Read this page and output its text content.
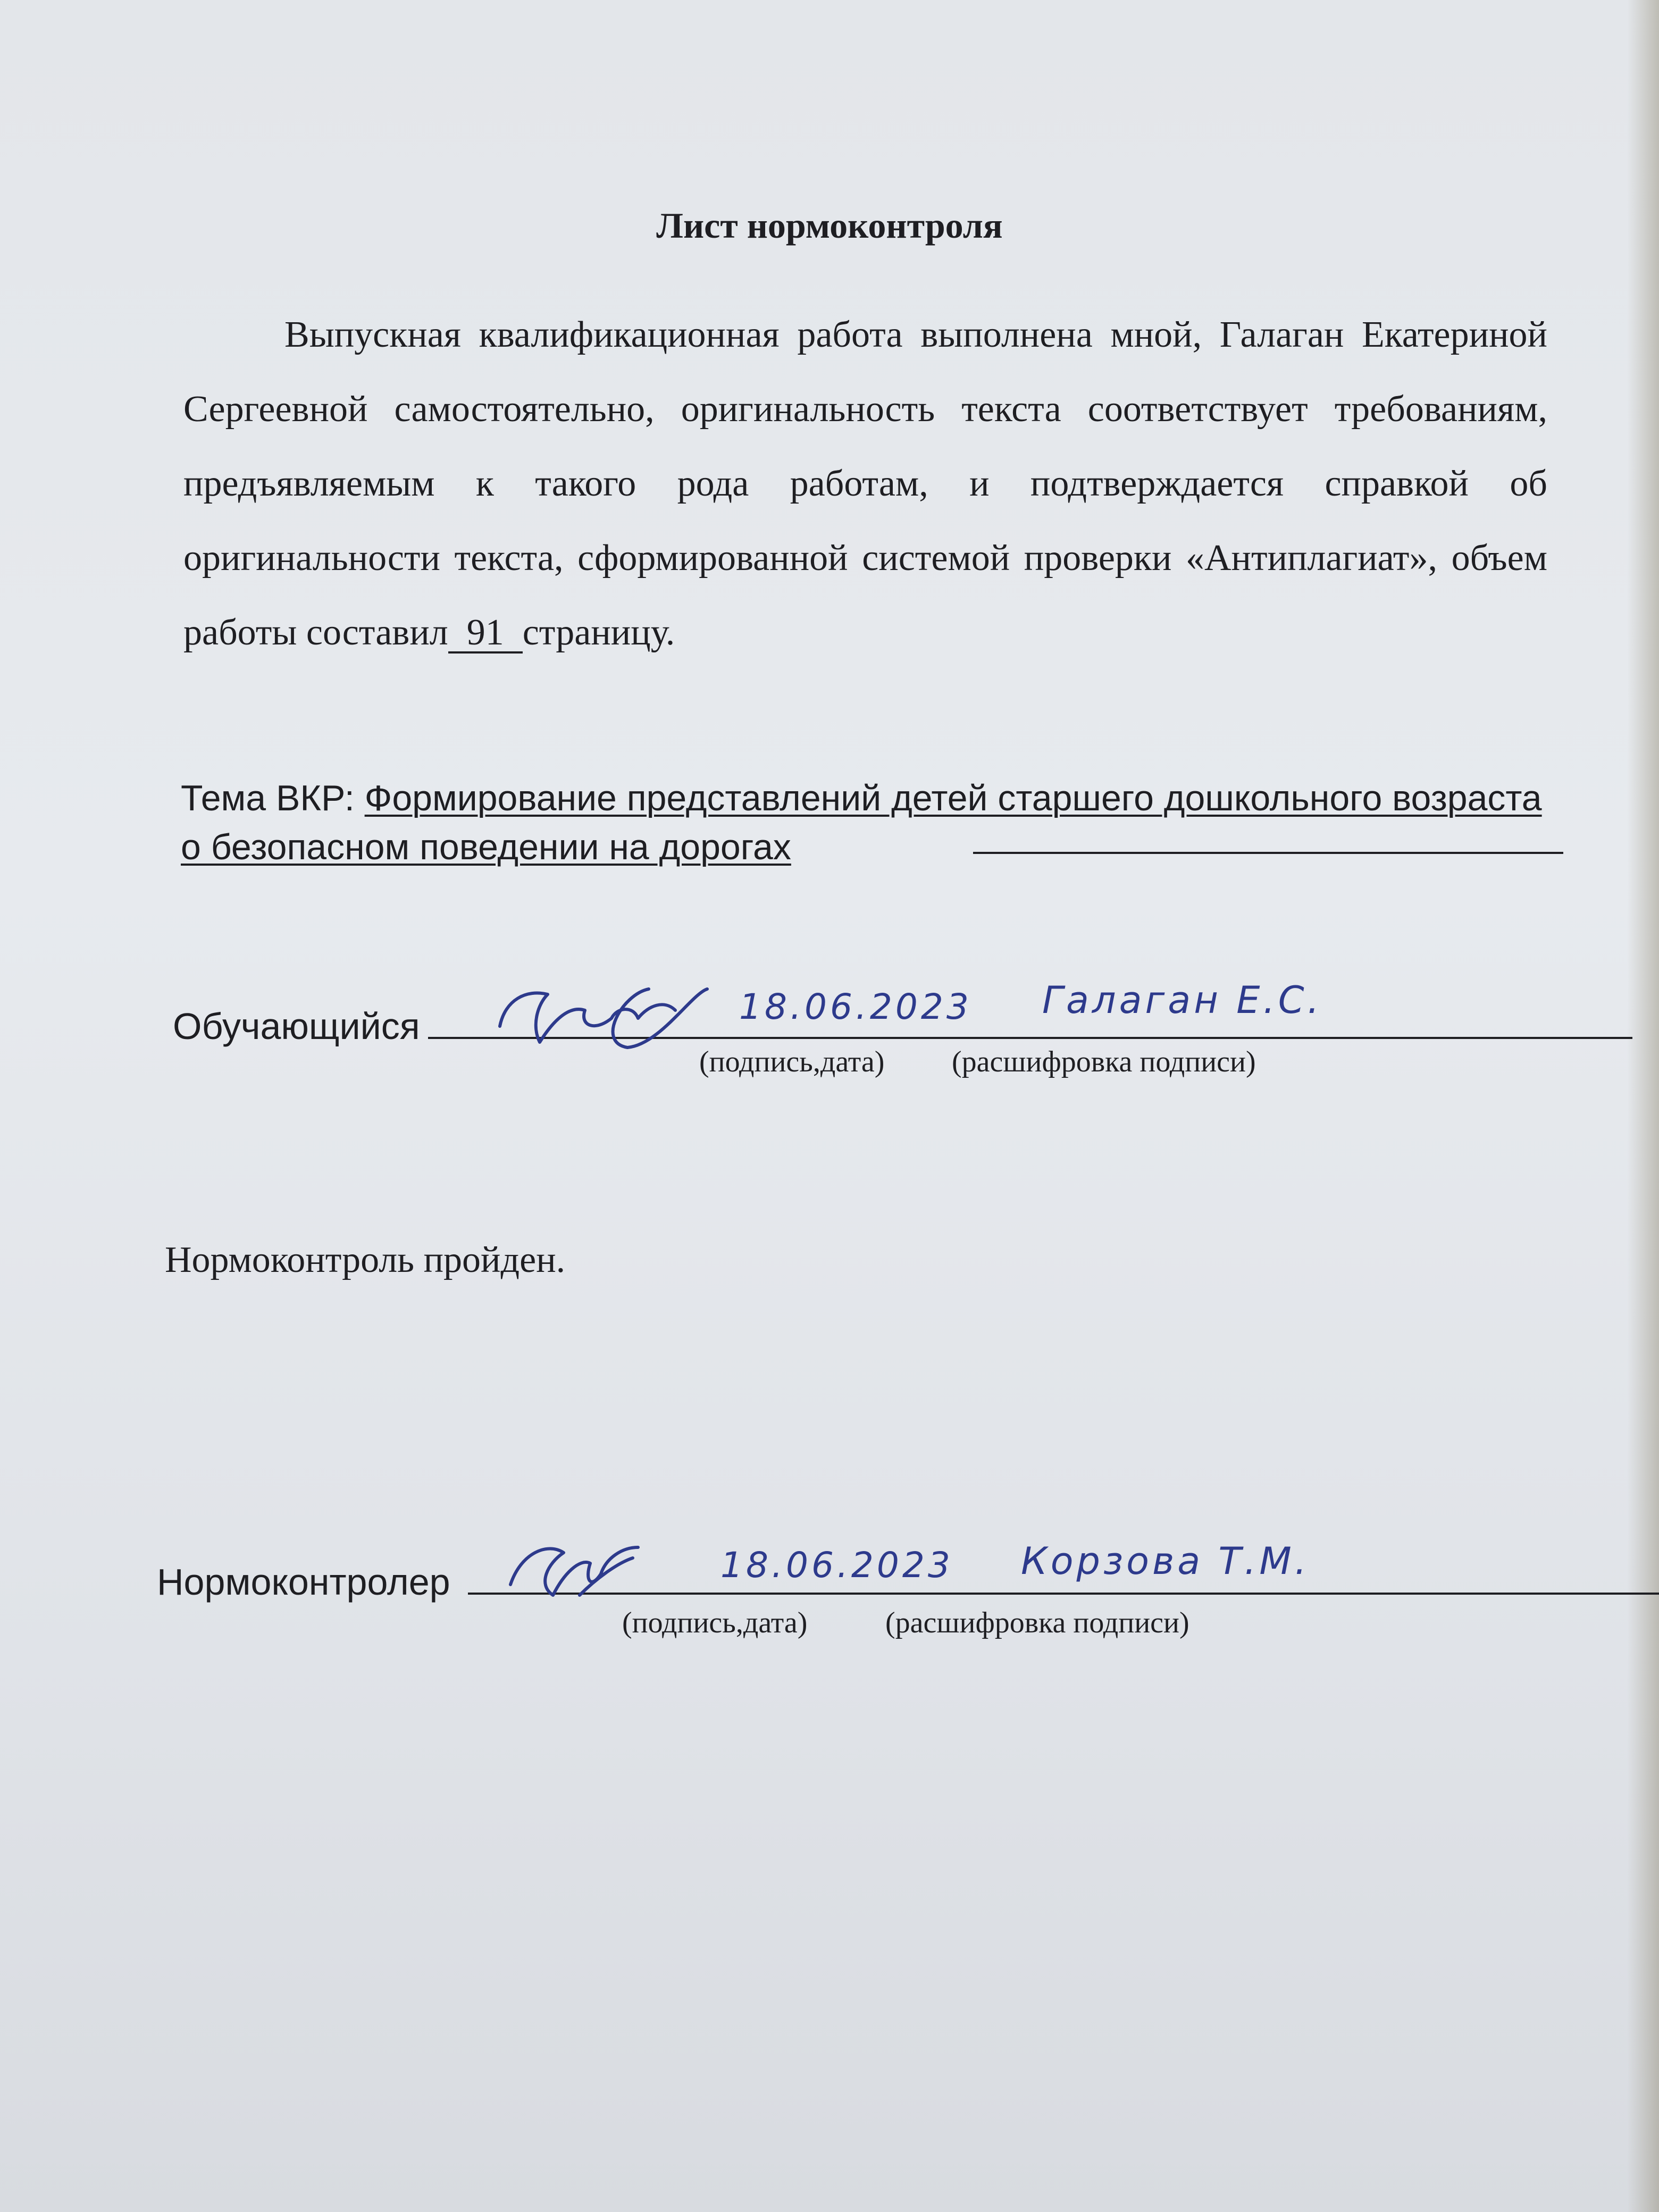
Лист нормоконтроля

Выпускная квалификационная работа выполнена мной, Галаган Екатериной Сергеевной самостоятельно, оригинальность текста соответствует требованиям, предъявляемым к такого рода работам, и подтверждается справкой об оригинальности текста, сформированной системой проверки «Антиплагиат», объем работы составил 91 страницу.

Тема ВКР: Формирование представлений детей старшего дошкольного возраста о безопасном поведении на дорогах
Обучающийся	18.06.2023 Галаган Е.С.
(подпись,дата) (расшифровка подписи)
Нормоконтроль пройден.
Нормоконтролер	18.06.2023 Корзова Т.М.
(подпись,дата)	(расшифровка подписи)
